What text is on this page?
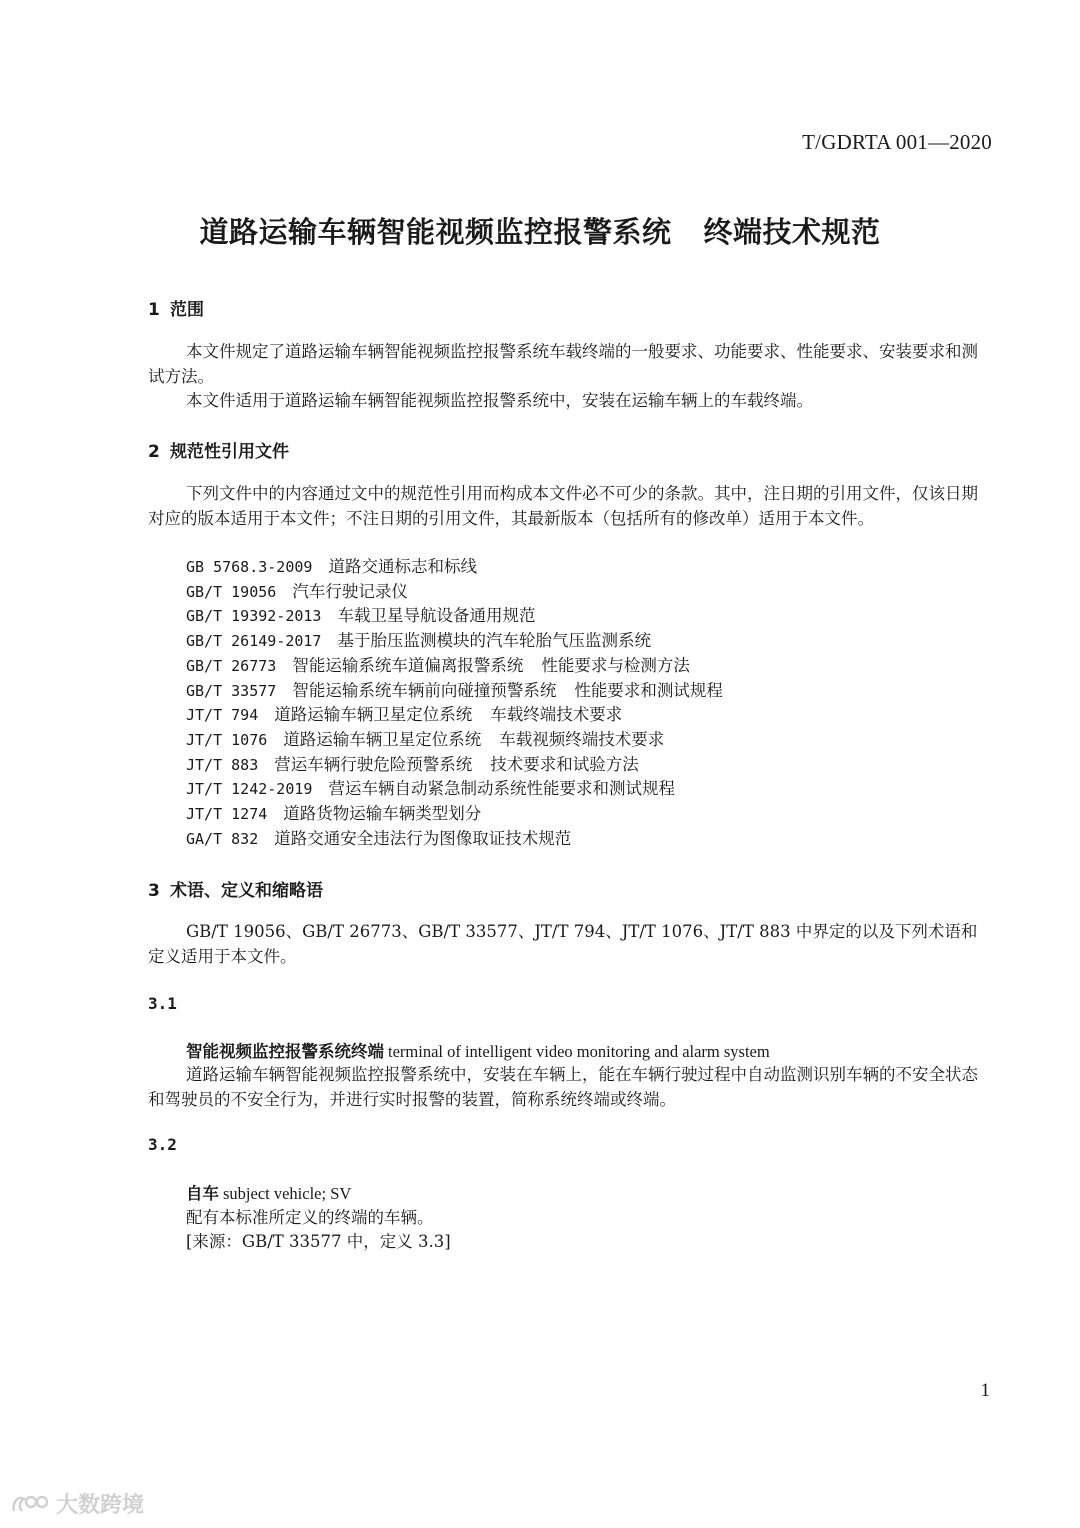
T/GDRTA 001—2020
道路运输车辆智能视频监控报警系统 终端技术规范
1 范围
本文件规定了道路运输车辆智能视频监控报警系统车载终端的一般要求、功能要求、性能要求、安装要求和测试方法。
本文件适用于道路运输车辆智能视频监控报警系统中，安装在运输车辆上的车载终端。
2 规范性引用文件
下列文件中的内容通过文中的规范性引用而构成本文件必不可少的条款。其中，注日期的引用文件，仅该日期对应的版本适用于本文件；不注日期的引用文件，其最新版本（包括所有的修改单）适用于本文件。
GB 5768.3-2009 道路交通标志和标线
GB/T 19056 汽车行驶记录仪
GB/T 19392-2013 车载卫星导航设备通用规范
GB/T 26149-2017 基于胎压监测模块的汽车轮胎气压监测系统
GB/T 26773 智能运输系统车道偏离报警系统 性能要求与检测方法
GB/T 33577 智能运输系统车辆前向碰撞预警系统 性能要求和测试规程
JT/T 794 道路运输车辆卫星定位系统 车载终端技术要求
JT/T 1076 道路运输车辆卫星定位系统 车载视频终端技术要求
JT/T 883 营运车辆行驶危险预警系统 技术要求和试验方法
JT/T 1242-2019 营运车辆自动紧急制动系统性能要求和测试规程
JT/T 1274 道路货物运输车辆类型划分
GA/T 832 道路交通安全违法行为图像取证技术规范
3 术语、定义和缩略语
GB/T 19056、GB/T 26773、GB/T 33577、JT/T 794、JT/T 1076、JT/T 883 中界定的以及下列术语和定义适用于本文件。
3.1
智能视频监控报警系统终端 terminal of intelligent video monitoring and alarm system
道路运输车辆智能视频监控报警系统中，安装在车辆上，能在车辆行驶过程中自动监测识别车辆的不安全状态和驾驶员的不安全行为，并进行实时报警的装置，简称系统终端或终端。
3.2
自车 subject vehicle; SV
配有本标准所定义的终端的车辆。
[来源：GB/T 33577 中，定义 3.3]
1
大数跨境
